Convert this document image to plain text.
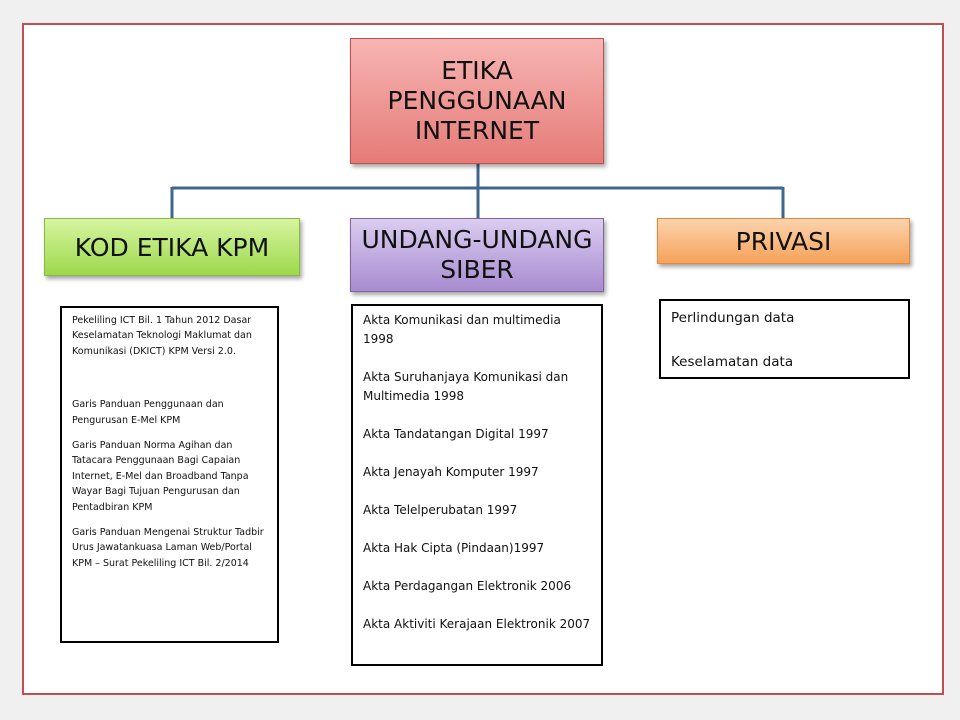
ETIKA
PENGGUNAAN
INTERNET
KOD ETIKA KPM	UNDANG-UNDANG
SIBER
PRIVASI

Pekeliling ICT Bil. 1 Tahun 2012 Dasar Keselamatan Teknologi Maklumat dan Komunikasi (DKICT) KPM Versi 2.0.

Garis Panduan Penggunaan dan Pengurusan E-Mel KPM

Garis Panduan Norma Agihan dan Tatacara Penggunaan Bagi Capaian Internet, E-Mel dan Broadband Tanpa Wayar Bagi Tujuan Pengurusan dan Pentadbiran KPM

Garis Panduan Mengenai Struktur Tadbir Urus Jawatankuasa Laman Web/Portal KPM – Surat Pekeliling ICT Bil. 2/2014

Akta Komunikasi dan multimedia 1998

Akta Suruhanjaya Komunikasi dan Multimedia 1998

Akta Tandatangan Digital 1997

Akta Jenayah Komputer 1997

Akta Telelperubatan 1997

Akta Hak Cipta (Pindaan)1997

Akta Perdagangan Elektronik 2006

Akta Aktiviti Kerajaan Elektronik 2007

Perlindungan data

Keselamatan data
